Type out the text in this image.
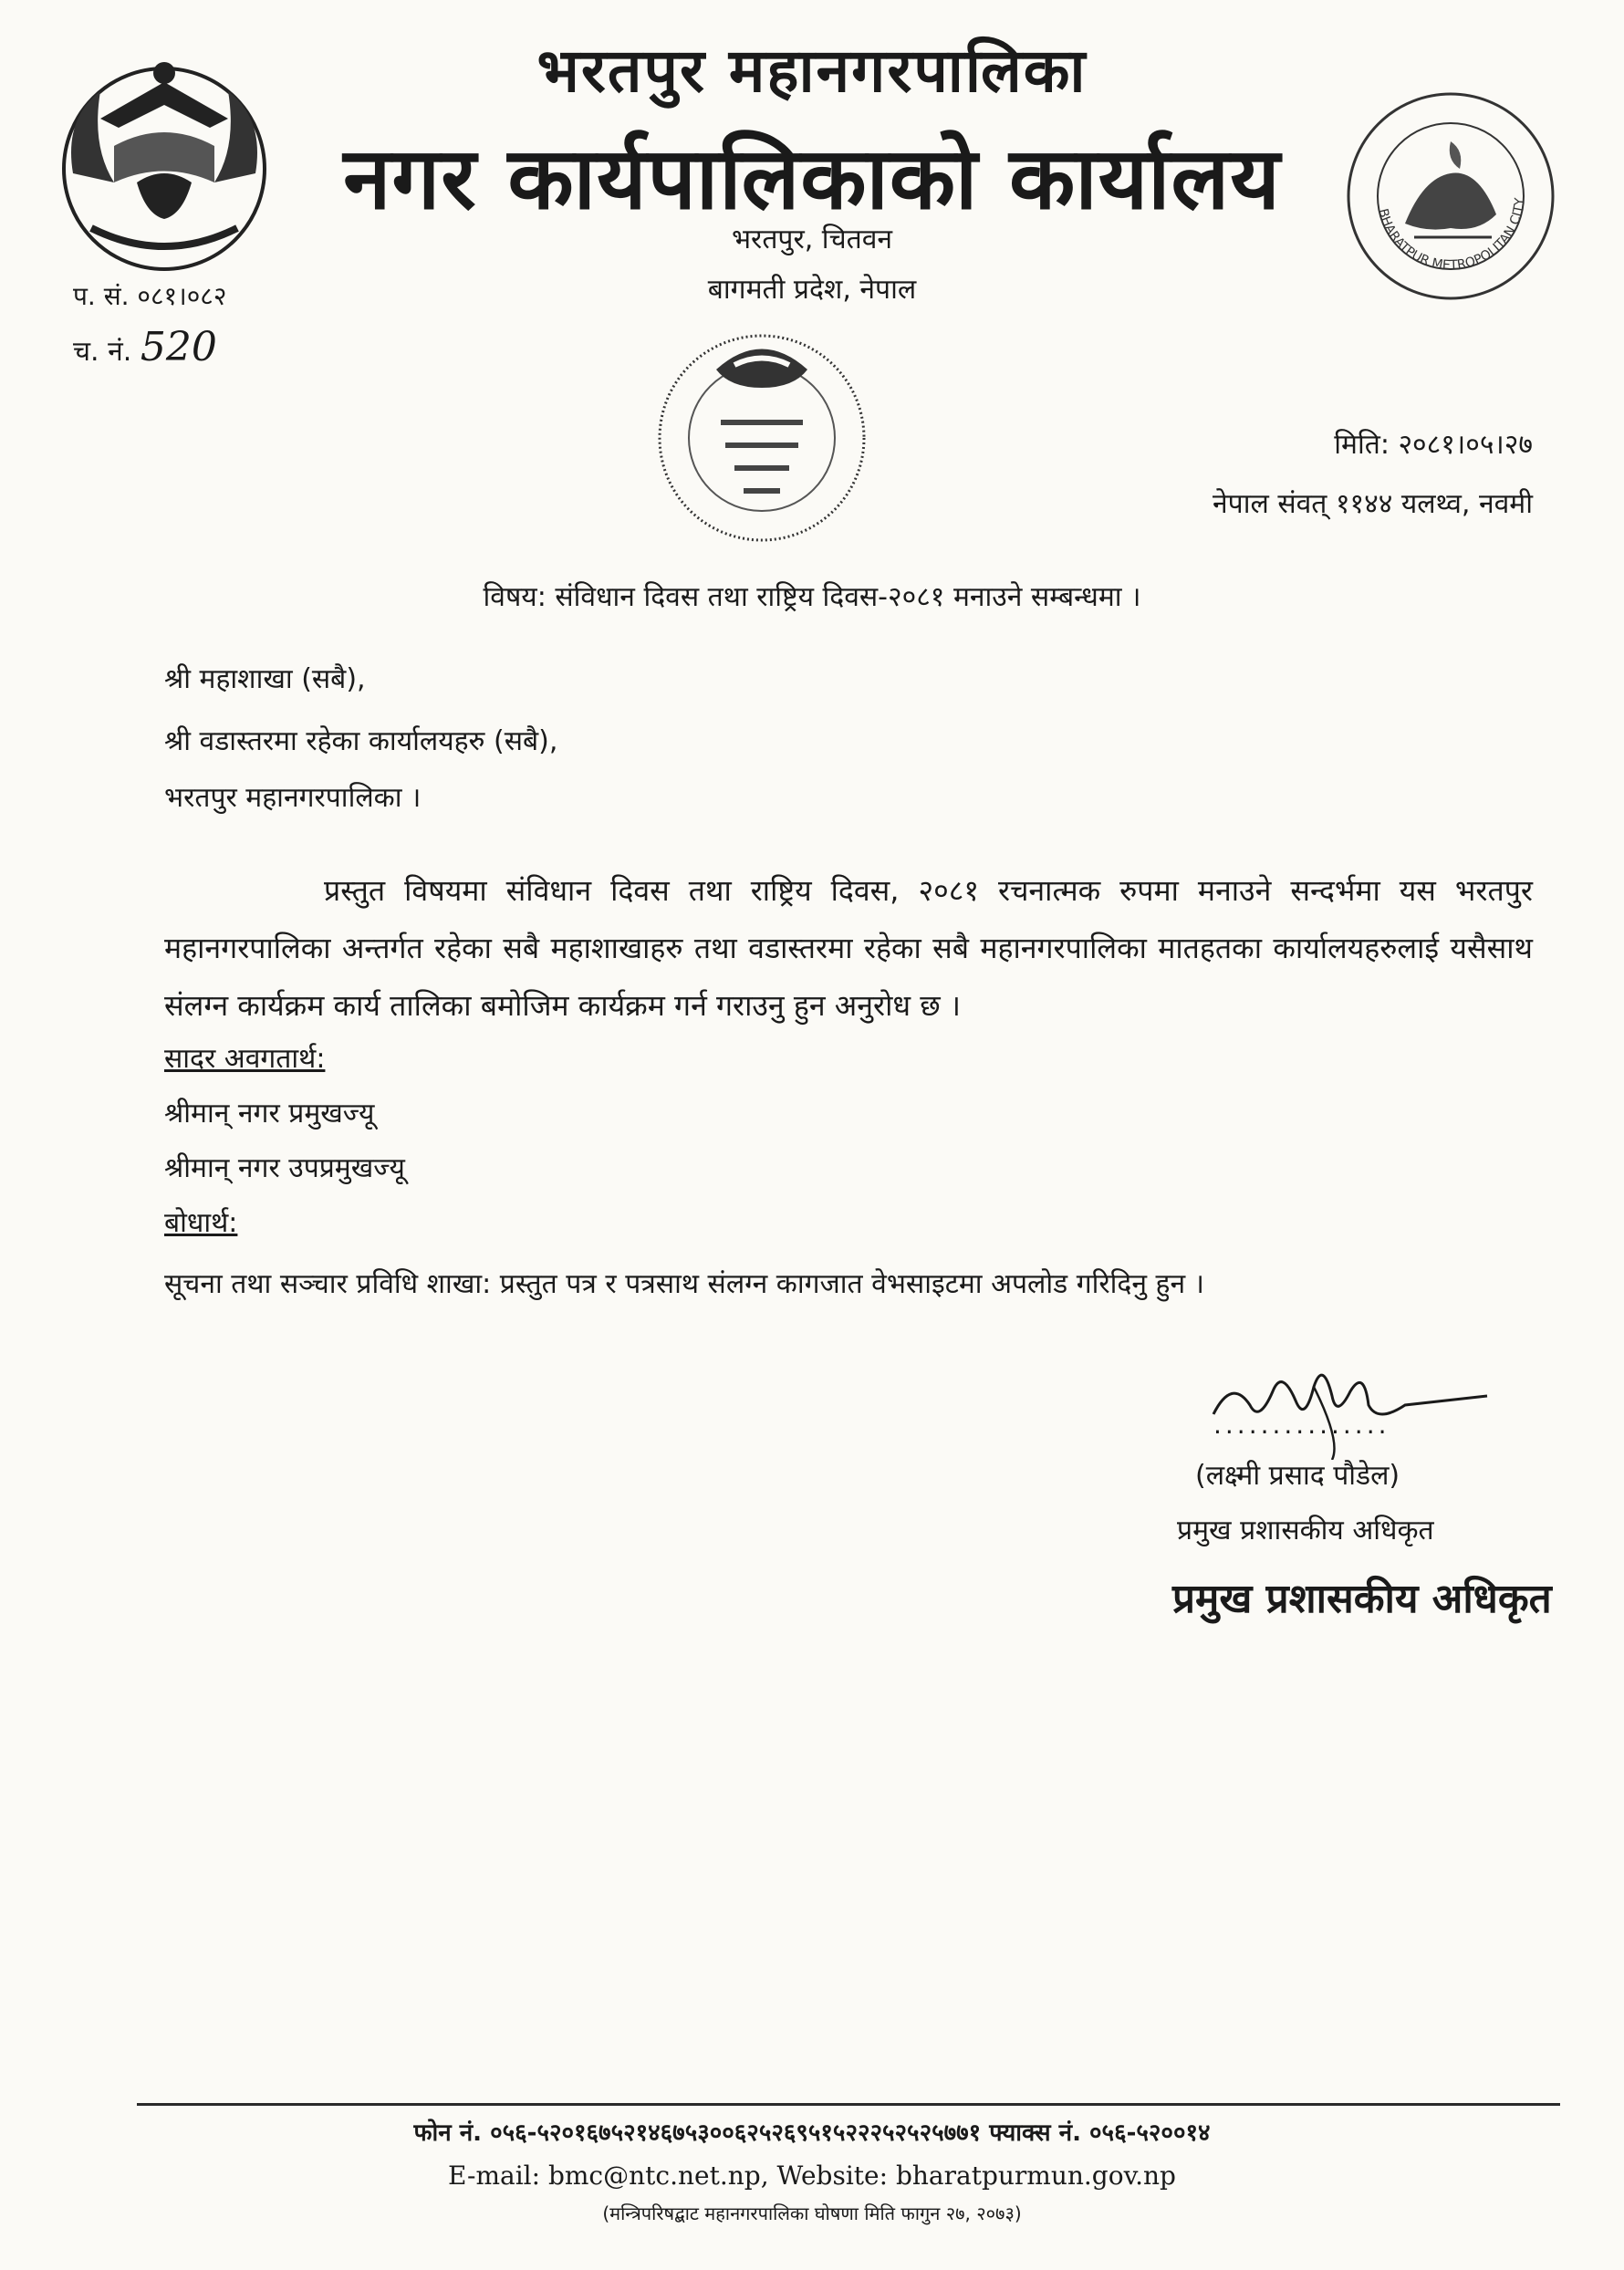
भरतपुर महानगरपालिका
नगर कार्यपालिकाको कार्यालय
भरतपुर, चितवन
बागमती प्रदेश, नेपाल
BHARATPUR METROPOLITAN CITY
प. सं. ०८१।०८२
च. नं. 520
मिति: २०८१।०५।२७
नेपाल संवत् ११४४ यलथ्व, नवमी
विषय: संविधान दिवस तथा राष्ट्रिय दिवस-२०८१ मनाउने सम्बन्धमा ।
श्री महाशाखा (सबै),
श्री वडास्तरमा रहेका कार्यालयहरु (सबै),
भरतपुर महानगरपालिका ।
प्रस्तुत विषयमा संविधान दिवस तथा राष्ट्रिय दिवस, २०८१ रचनात्मक रुपमा मनाउने सन्दर्भमा यस भरतपुर महानगरपालिका अन्तर्गत रहेका सबै महाशाखाहरु तथा वडास्तरमा रहेका सबै महानगरपालिका मातहतका कार्यालयहरुलाई यसैसाथ संलग्न कार्यक्रम कार्य तालिका बमोजिम कार्यक्रम गर्न गराउनु हुन अनुरोध छ ।
सादर अवगतार्थ:
श्रीमान् नगर प्रमुखज्यू
श्रीमान् नगर उपप्रमुखज्यू
बोधार्थ:
सूचना तथा सञ्चार प्रविधि शाखा: प्रस्तुत पत्र र पत्रसाथ संलग्न कागजात वेभसाइटमा अपलोड गरिदिनु हुन ।
...............
(लक्ष्मी प्रसाद पौडेल)
प्रमुख प्रशासकीय अधिकृत
प्रमुख प्रशासकीय अधिकृत
फोन नं. ०५६-५२०१६७५२१४६७५३००६२५२६९५१५२२२५२५२५७७१ फ्याक्स नं. ०५६-५२००१४
E-mail: bmc@ntc.net.np, Website: bharatpurmun.gov.np
(मन्त्रिपरिषद्बाट महानगरपालिका घोषणा मिति फागुन २७, २०७३)
